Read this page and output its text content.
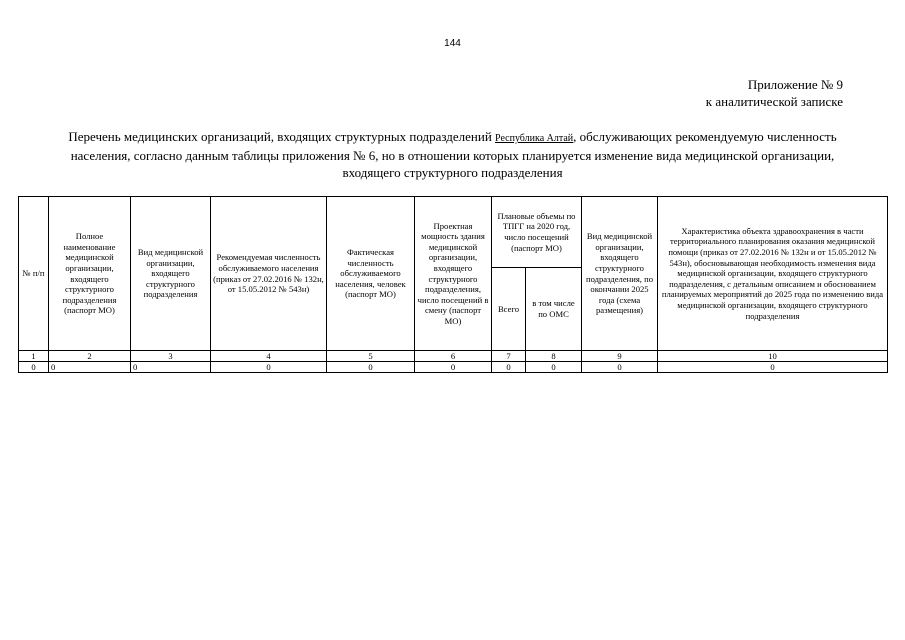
144
Приложение № 9
к аналитической записке
Перечень медицинских организаций, входящих структурных подразделений Республика Алтай, обслуживающих рекомендуемую численность населения, согласно данным таблицы приложения № 6, но в отношении которых планируется изменение вида медицинской организации, входящего структурного подразделения
№ п/п	Полное наименование медицинской организации, входящего структурного подразделения (паспорт МО)	Вид медицинской организации, входящего структурного подразделения	Рекомендуемая численность обслуживаемого населения (приказ от 27.02.2016 № 132н, от 15.05.2012 № 543н)	Фактическая численность обслуживаемого населения, человек (паспорт МО)	Проектная мощность здания медицинской организации, входящего структурного подразделения, число посещений в смену (паспорт МО)	Плановые объемы по ТПГГ на 2020 год, число посещений (паспорт МО)		Вид медицинской организации, входящего структурного подразделения, по окончании 2025 года (схема размещения)	Характеристика объекта здравоохранения в части территориального планирования оказания медицинской помощи (приказ от 27.02.2016 № 132н и от 15.05.2012 № 543н), обосновывающая необходимость изменения вида медицинской организации, входящего структурного подразделения, с детальным описанием и обоснованием планируемых мероприятий до 2025 года по изменению вида медицинской организации, входящего структурного подразделения
						Всего	в том числе по ОМС		
1	2	3	4	5	6	7	8	9	10
0	0	0	0	0	0	0	0	0	0
